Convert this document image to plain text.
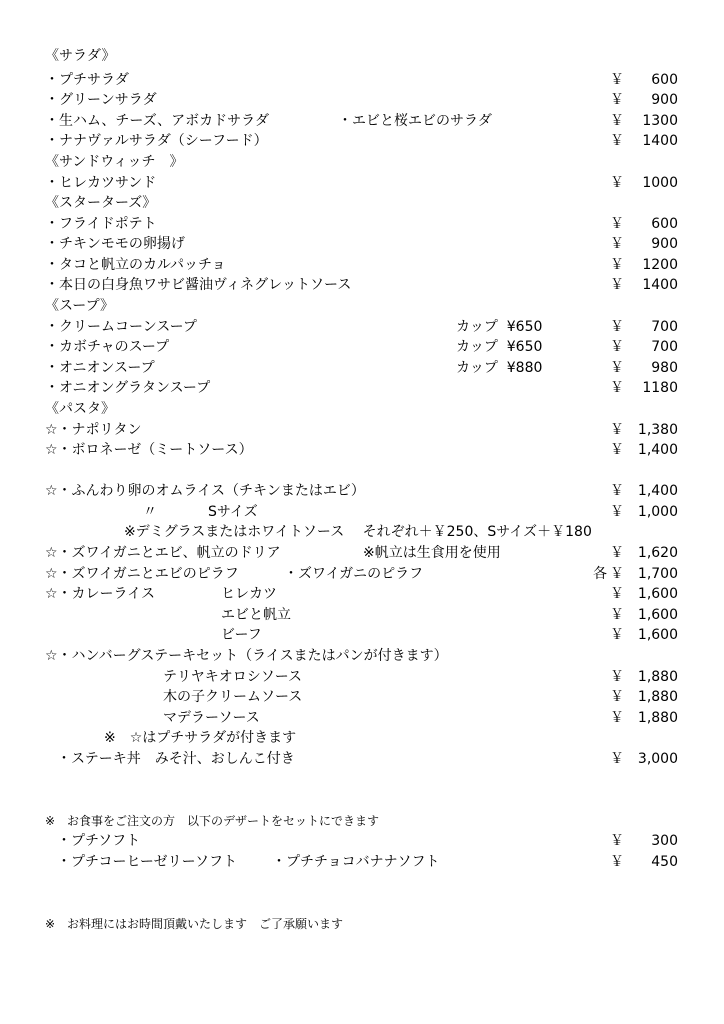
《サラダ》
・プチサラダ	￥ 600
・グリーンサラダ	￥ 900
・生ハム、チーズ、アボカドサラダ	・エビと桜エビのサラダ	￥ 1300
・ナナヴァルサラダ（シーフード）	￥ 1400
《サンドウィッチ　》
・ヒレカツサンド	￥ 1000
《スターターズ》
・フライドポテト	￥ 600
・チキンモモの卵揚げ	￥ 900
・タコと帆立のカルパッチョ	￥ 1200
・本日の白身魚ワサビ醤油ヴィネグレットソース	￥ 1400
《スープ》
・クリームコーンスープ	カップ  ¥650	￥ 700
・カボチャのスープ	カップ  ¥650	￥ 700
・オニオンスープ	カップ  ¥880	￥ 980
・オニオングラタンスープ	￥ 1180
《パスタ》
☆・ナポリタン	￥ 1,380
☆・ボロネーゼ（ミートソース）	￥ 1,400
☆・ふんわり卵のオムライス（チキンまたはエビ）	￥ 1,400
〃	Sサイズ	￥ 1,000
※デミグラスまたはホワイトソース　 それぞれ＋￥250、Sサイズ＋￥180
☆・ズワイガニとエビ、帆立のドリア	※帆立は生食用を使用	￥ 1,620
☆・ズワイガニとエビのピラフ	・ズワイガニのピラフ	各 ￥ 1,700
☆・カレーライス	ヒレカツ	￥ 1,600
エビと帆立	￥ 1,600
ビーフ	￥ 1,600
☆・ハンバーグステーキセット（ライスまたはパンが付きます）
テリヤキオロシソース	￥ 1,880
木の子クリームソース	￥ 1,880
マデラーソース	￥ 1,880
※　☆はプチサラダが付きます
・ステーキ丼　みそ汁、おしんこ付き	￥ 3,000
※　お食事をご注文の方　以下のデザートをセットにできます
・プチソフト	￥ 300
・プチコーヒーゼリーソフト ・プチチョコバナナソフト	￥ 450
※　お料理にはお時間頂戴いたします　ご了承願います
